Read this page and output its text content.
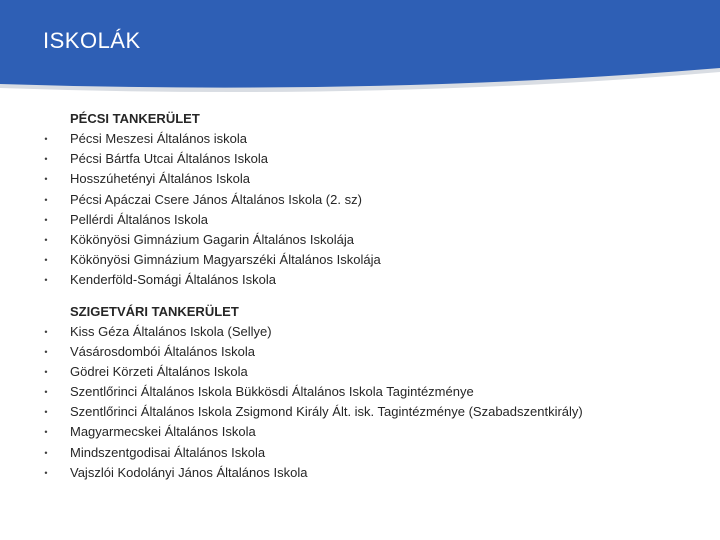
ISKOLÁK
PÉCSI TANKERÜLET
• Pécsi Meszesi Általános iskola
• Pécsi Bártfa Utcai Általános Iskola
• Hosszúhetényi Általános Iskola
• Pécsi Apáczai Csere János Általános Iskola (2. sz)
• Pellérdi Általános Iskola
• Kökönyösi Gimnázium Gagarin Általános Iskolája
• Kökönyösi Gimnázium Magyarszéki Általános Iskolája
• Kenderföld-Somági Általános Iskola
SZIGETVÁRI TANKERÜLET
• Kiss Géza Általános Iskola (Sellye)
• Vásárosdombói Általános Iskola
• Gödrei Körzeti Általános Iskola
• Szentlőrinci Általános Iskola Bükkösdi Általános Iskola Tagintézménye
• Szentlőrinci Általános Iskola Zsigmond Király Ált. isk. Tagintézménye (Szabadszentkirály)
• Magyarmecskei Általános Iskola
• Mindszentgodisai Általános Iskola
• Vajszlói Kodolányi János Általános Iskola
